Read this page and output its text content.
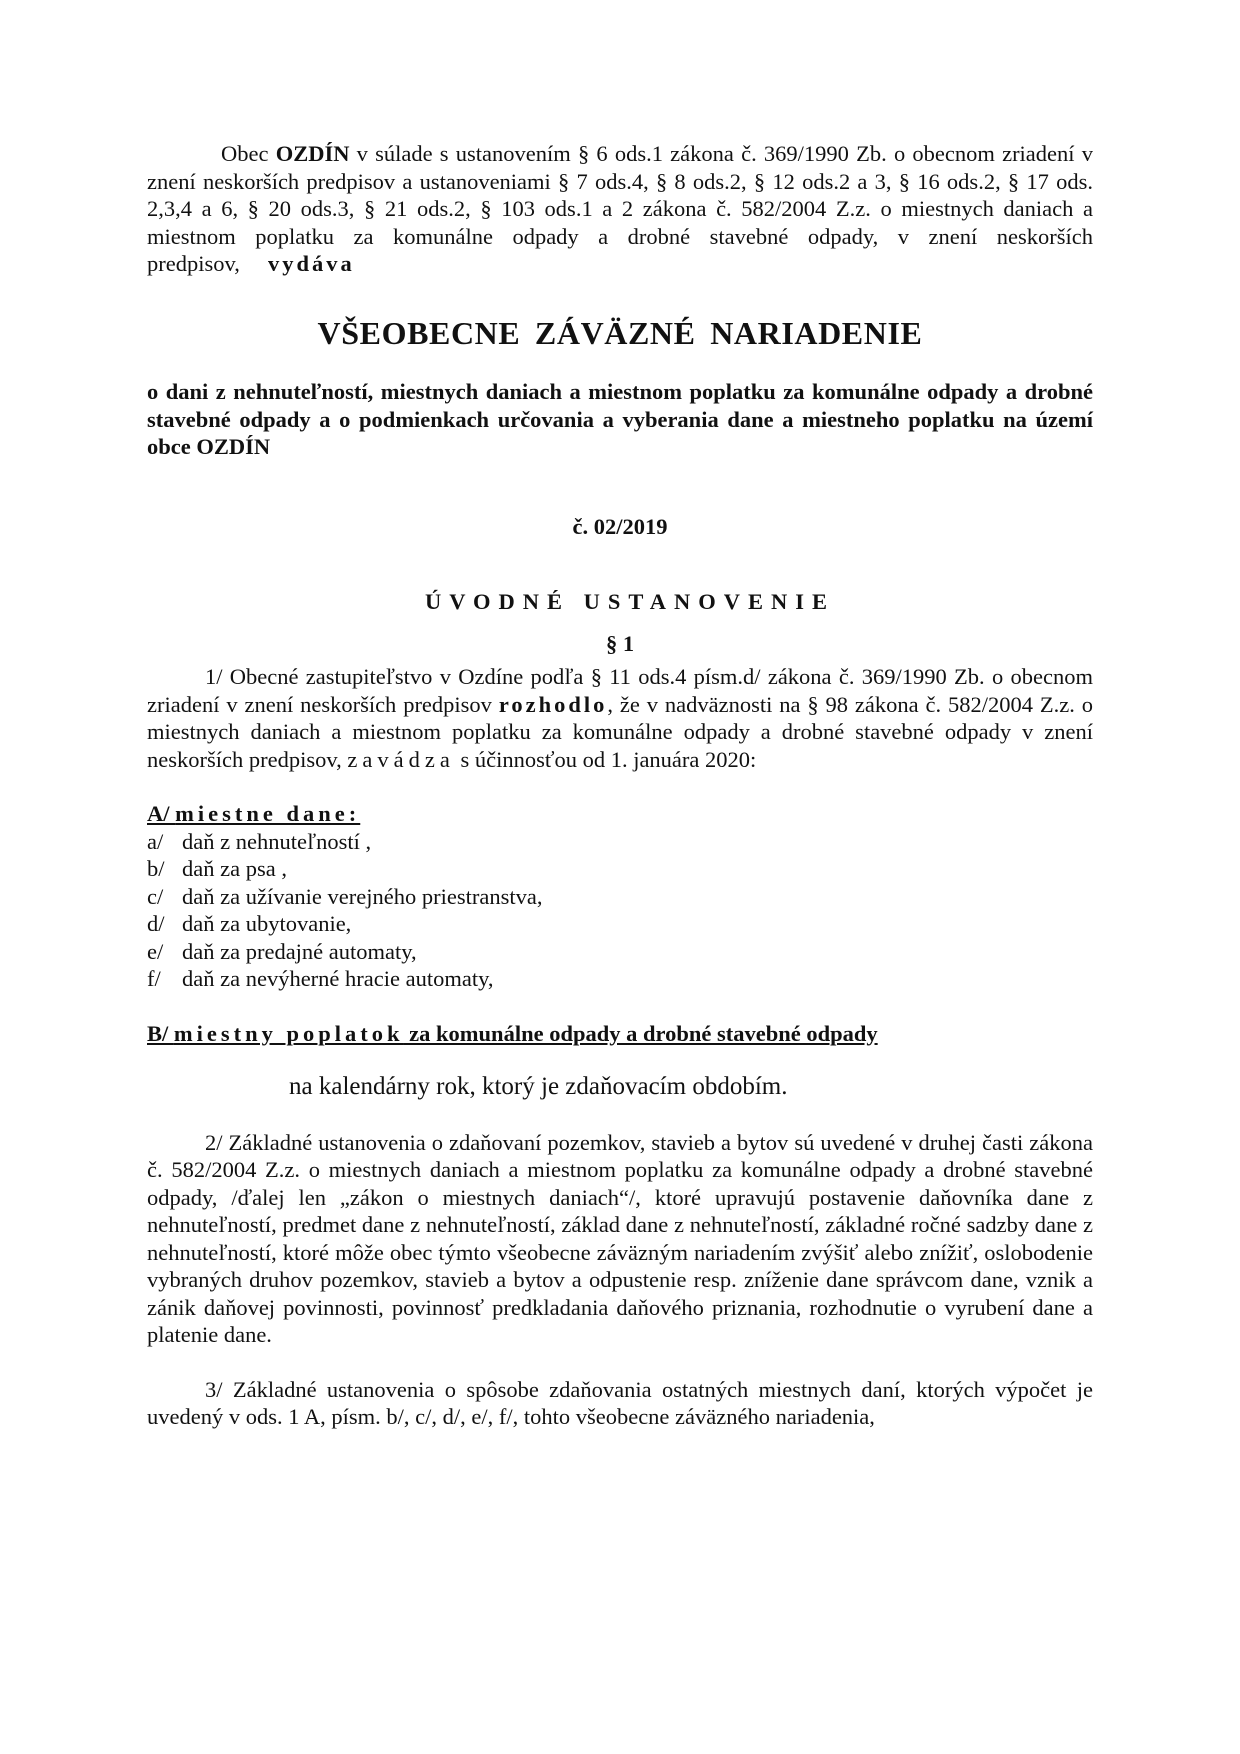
Obec OZDÍN v súlade s ustanovením § 6 ods.1 zákona č. 369/1990 Zb. o obecnom zriadení v znení neskorších predpisov a ustanoveniami § 7 ods.4, § 8 ods.2, § 12 ods.2 a 3, § 16 ods.2, § 17 ods. 2,3,4 a 6, § 20 ods.3, § 21 ods.2, § 103 ods.1 a 2 zákona č. 582/2004 Z.z. o miestnych daniach a miestnom poplatku za komunálne odpady a drobné stavebné odpady, v znení neskorších predpisov, vydáva

VŠEOBECNE ZÁVÄZNÉ NARIADENIE

o dani z nehnuteľností, miestnych daniach a miestnom poplatku za komunálne odpady a drobné stavebné odpady a o podmienkach určovania a vyberania dane a miestneho poplatku na území obce OZDÍN

č. 02/2019

ÚVODNÉ USTANOVENIE

§ 1

1/ Obecné zastupiteľstvo v Ozdíne podľa § 11 ods.4 písm.d/ zákona č. 369/1990 Zb. o obecnom zriadení v znení neskorších predpisov rozhodlo, že v nadväznosti na § 98 zákona č. 582/2004 Z.z. o miestnych daniach a miestnom poplatku za komunálne odpady a drobné stavebné odpady v znení neskorších predpisov, zavádza s účinnosťou od 1. januára 2020:

A/ miestne dane:

a/ daň z nehnuteľností ,
b/ daň za psa ,
c/ daň za užívanie verejného priestranstva,
d/ daň za ubytovanie,
e/ daň za predajné automaty,
f/ daň za nevýherné hracie automaty,

B/ miestny poplatok za komunálne odpady a drobné stavebné odpady

na kalendárny rok, ktorý je zdaňovacím obdobím.

2/ Základné ustanovenia o zdaňovaní pozemkov, stavieb a bytov sú uvedené v druhej časti zákona č. 582/2004 Z.z. o miestnych daniach a miestnom poplatku za komunálne odpady a drobné stavebné odpady, /ďalej len „zákon o miestnych daniach“/, ktoré upravujú postavenie daňovníka dane z nehnuteľností, predmet dane z nehnuteľností, základ dane z nehnuteľností, základné ročné sadzby dane z nehnuteľností, ktoré môže obec týmto všeobecne záväzným nariadením zvýšiť alebo znížiť, oslobodenie vybraných druhov pozemkov, stavieb a bytov a odpustenie resp. zníženie dane správcom dane, vznik a zánik daňovej povinnosti, povinnosť predkladania daňového priznania, rozhodnutie o vyrubení dane a platenie dane.

3/ Základné ustanovenia o spôsobe zdaňovania ostatných miestnych daní, ktorých výpočet je uvedený v ods. 1 A, písm. b/, c/, d/, e/, f/, tohto všeobecne záväzného nariadenia,
